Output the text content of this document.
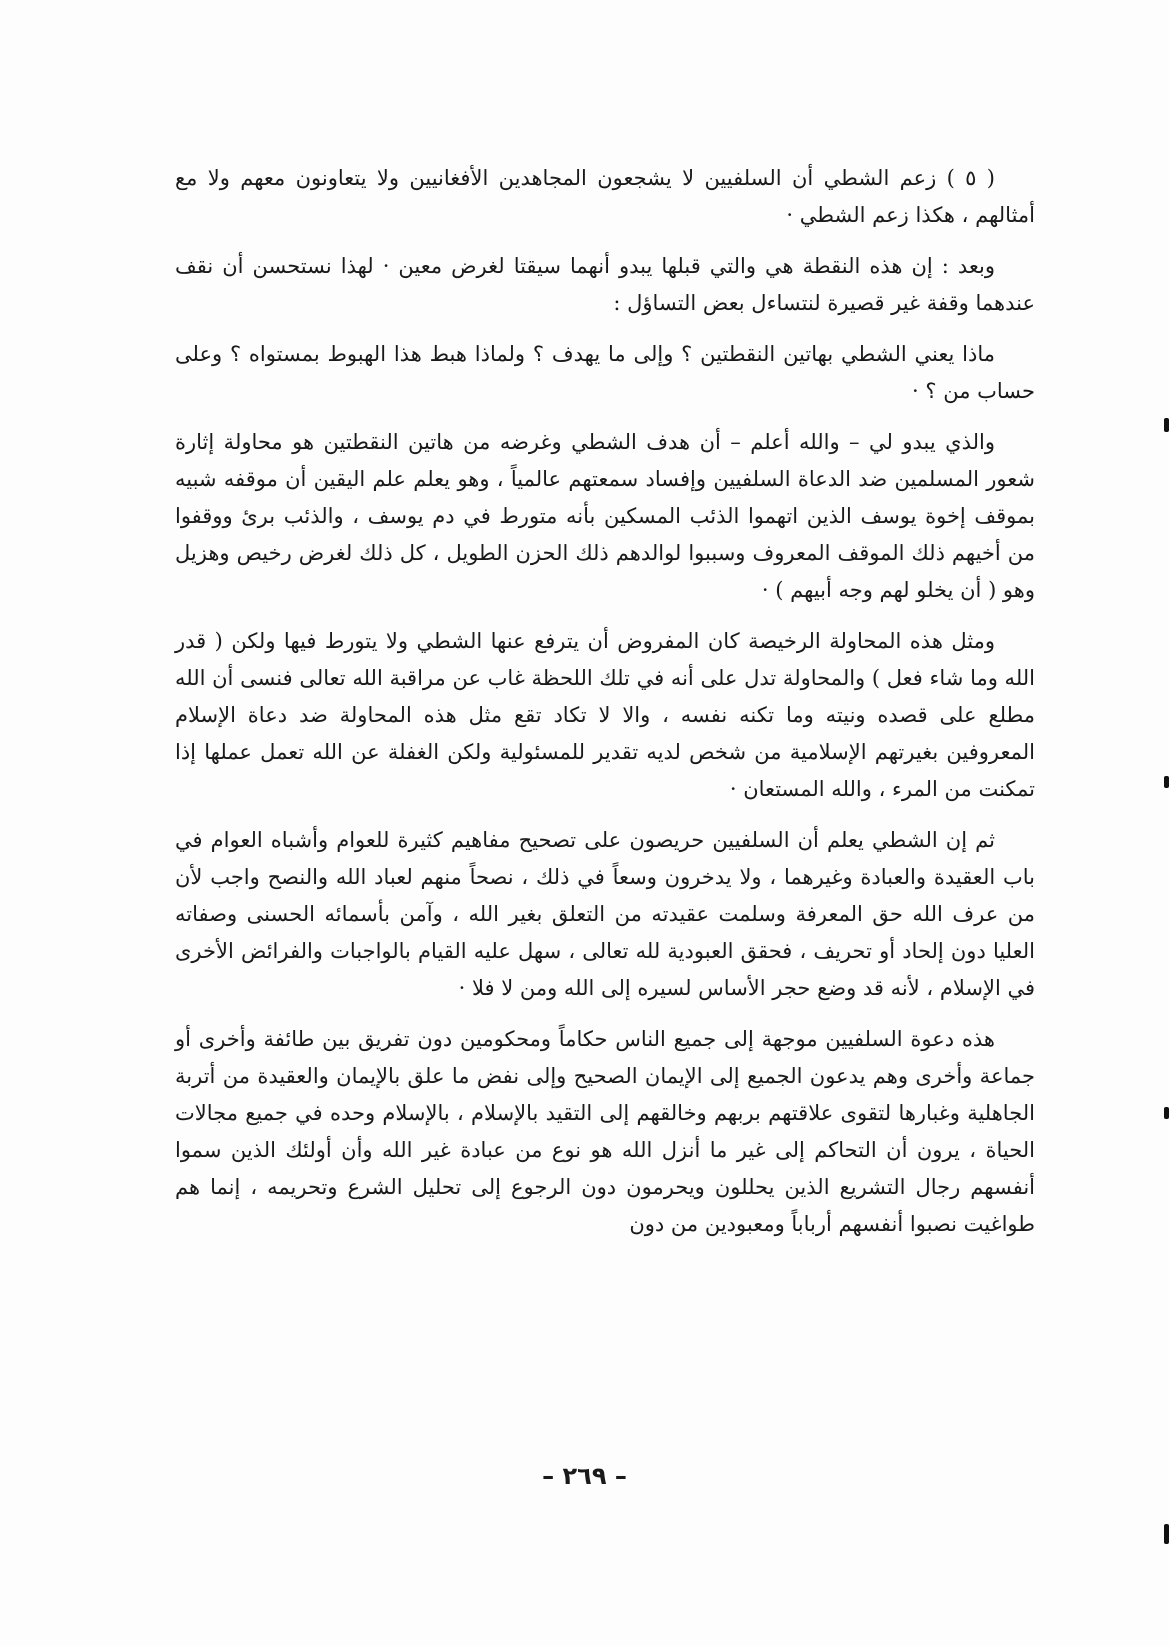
( ٥ ) زعم الشطي أن السلفيين لا يشجعون المجاهدين الأفغانيين ولا يتعاونون معهم ولا مع أمثالهم ، هكذا زعم الشطي ·

وبعد : إن هذه النقطة هي والتي قبلها يبدو أنهما سيقتا لغرض معين · لهذا نستحسن أن نقف عندهما وقفة غير قصيرة لنتساءل بعض التساؤل :

ماذا يعني الشطي بهاتين النقطتين ؟ وإلى ما يهدف ؟ ولماذا هبط هذا الهبوط بمستواه ؟ وعلى حساب من ؟ ·

والذي يبدو لي – والله أعلم – أن هدف الشطي وغرضه من هاتين النقطتين هو محاولة إثارة شعور المسلمين ضد الدعاة السلفيين وإفساد سمعتهم عالمياً ، وهو يعلم علم اليقين أن موقفه شبيه بموقف إخوة يوسف الذين اتهموا الذئب المسكين بأنه متورط في دم يوسف ، والذئب برئ ووقفوا من أخيهم ذلك الموقف المعروف وسببوا لوالدهم ذلك الحزن الطويل ، كل ذلك لغرض رخيص وهزيل وهو ( أن يخلو لهم وجه أبيهم ) ·

ومثل هذه المحاولة الرخيصة كان المفروض أن يترفع عنها الشطي ولا يتورط فيها ولكن ( قدر الله وما شاء فعل ) والمحاولة تدل على أنه في تلك اللحظة غاب عن مراقبة الله تعالى فنسى أن الله مطلع على قصده ونيته وما تكنه نفسه ، والا لا تكاد تقع مثل هذه المحاولة ضد دعاة الإسلام المعروفين بغيرتهم الإسلامية من شخص لديه تقدير للمسئولية ولكن الغفلة عن الله تعمل عملها إذا تمكنت من المرء ، والله المستعان ·

ثم إن الشطي يعلم أن السلفيين حريصون على تصحيح مفاهيم كثيرة للعوام وأشباه العوام في باب العقيدة والعبادة وغيرهما ، ولا يدخرون وسعاً في ذلك ، نصحاً منهم لعباد الله والنصح واجب لأن من عرف الله حق المعرفة وسلمت عقيدته من التعلق بغير الله ، وآمن بأسمائه الحسنى وصفاته العليا دون إلحاد أو تحريف ، فحقق العبودية لله تعالى ، سهل عليه القيام بالواجبات والفرائض الأخرى في الإسلام ، لأنه قد وضع حجر الأساس لسيره إلى الله ومن لا فلا ·

هذه دعوة السلفيين موجهة إلى جميع الناس حكاماً ومحكومين دون تفريق بين طائفة وأخرى أو جماعة وأخرى وهم يدعون الجميع إلى الإيمان الصحيح وإلى نفض ما علق بالإيمان والعقيدة من أتربة الجاهلية وغبارها لتقوى علاقتهم بربهم وخالقهم إلى التقيد بالإسلام ، بالإسلام وحده في جميع مجالات الحياة ، يرون أن التحاكم إلى غير ما أنزل الله هو نوع من عبادة غير الله وأن أولئك الذين سموا أنفسهم رجال التشريع الذين يحللون ويحرمون دون الرجوع إلى تحليل الشرع وتحريمه ، إنما هم طواغيت نصبوا أنفسهم أرباباً ومعبودين من دون

– ٢٦٩ –
